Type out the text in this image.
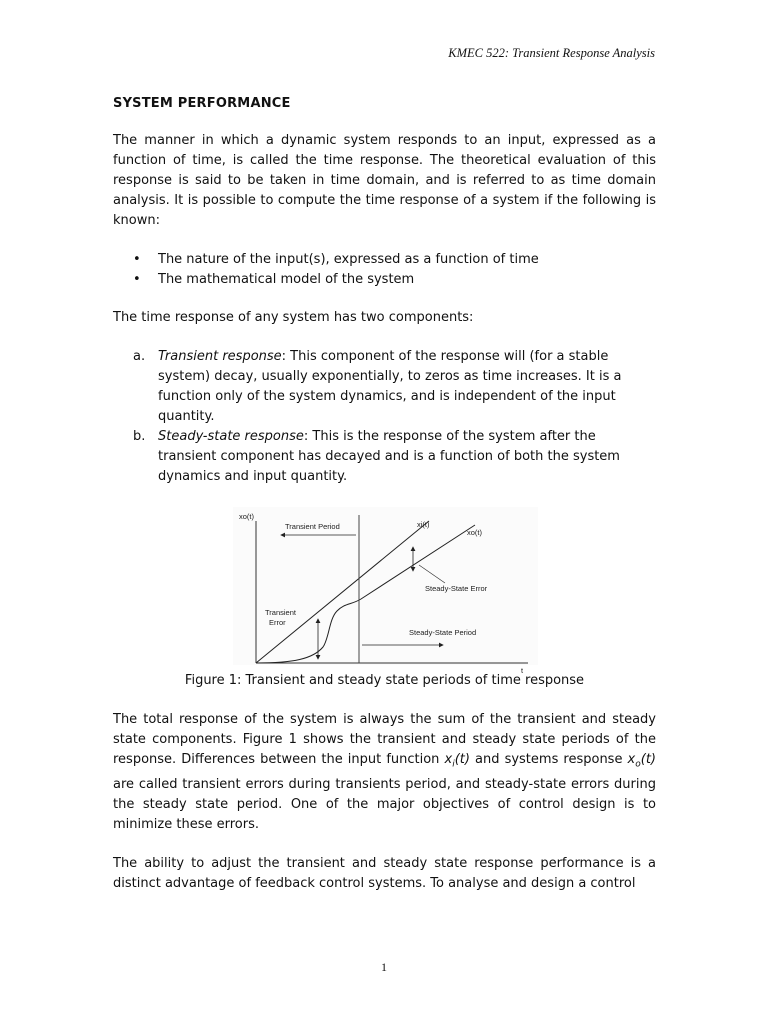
KMEC 522: Transient Response Analysis
SYSTEM PERFORMANCE

The manner in which a dynamic system responds to an input, expressed as a function of time, is called the time response. The theoretical evaluation of this response is said to be taken in time domain, and is referred to as time domain analysis. It is possible to compute the time response of a system if the following is known:

• The nature of the input(s), expressed as a function of time
• The mathematical model of the system

The time response of any system has two components:

a. Transient response: This component of the response will (for a stable system) decay, usually exponentially, to zeros as time increases. It is a function only of the system dynamics, and is independent of the input quantity.
b. Steady-state response: This is the response of the system after the transient component has decayed and is a function of both the system dynamics and input quantity.
xo(t)
t
Transient Period
Steady-State Period
Steady-State Error
Transient
Error
xi(t)
xo(t)
Figure 1: Transient and steady state periods of time response

The total response of the system is always the sum of the transient and steady state components. Figure 1 shows the transient and steady state periods of the response. Differences between the input function $x_i(t)$ and systems response $x_o(t)$ are called transient errors during transients period, and steady-state errors during the steady state period. One of the major objectives of control design is to minimize these errors.

The ability to adjust the transient and steady state response performance is a distinct advantage of feedback control systems. To analyse and design a control

1
